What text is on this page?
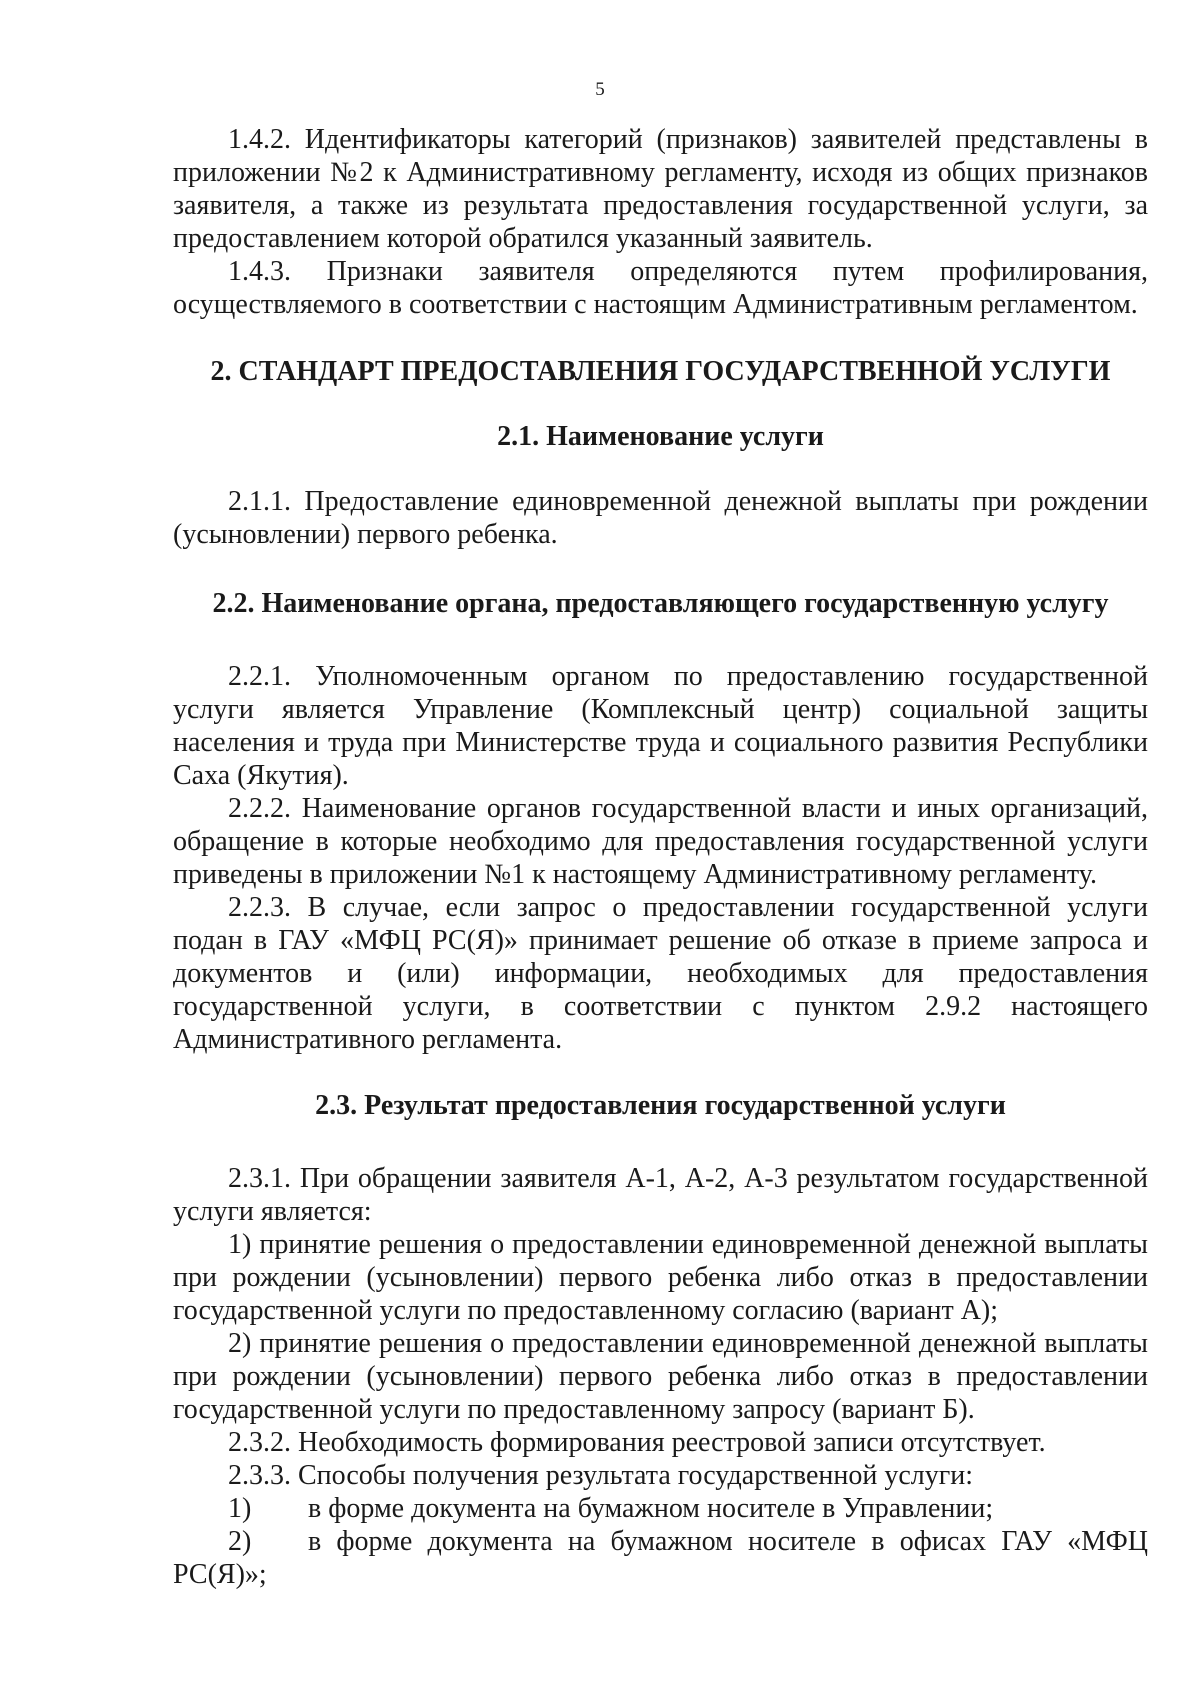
5

1.4.2. Идентификаторы категорий (признаков) заявителей представлены в приложении №2 к Административному регламенту, исходя из общих признаков заявителя, а также из результата предоставления государственной услуги, за предоставлением которой обратился указанный заявитель.

1.4.3. Признаки заявителя определяются путем профилирования, осуществляемого в соответствии с настоящим Административным регламентом.

2. СТАНДАРТ ПРЕДОСТАВЛЕНИЯ ГОСУДАРСТВЕННОЙ УСЛУГИ
2.1. Наименование услуги

2.1.1. Предоставление единовременной денежной выплаты при рождении (усыновлении) первого ребенка.

2.2. Наименование органа, предоставляющего государственную услугу

2.2.1. Уполномоченным органом по предоставлению государственной услуги является Управление (Комплексный центр) социальной защиты населения и труда при Министерстве труда и социального развития Республики Саха (Якутия).

2.2.2. Наименование органов государственной власти и иных организаций, обращение в которые необходимо для предоставления государственной услуги приведены в приложении №1 к настоящему Административному регламенту.

2.2.3. В случае, если запрос о предоставлении государственной услуги подан в ГАУ «МФЦ РС(Я)» принимает решение об отказе в приеме запроса и документов и (или) информации, необходимых для предоставления государственной услуги, в соответствии с пунктом 2.9.2 настоящего Административного регламента.

2.3. Результат предоставления государственной услуги

2.3.1. При обращении заявителя А-1, А-2, А-3 результатом государственной услуги является:

1) принятие решения о предоставлении единовременной денежной выплаты при рождении (усыновлении) первого ребенка либо отказ в предоставлении государственной услуги по предоставленному согласию (вариант А);

2) принятие решения о предоставлении единовременной денежной выплаты при рождении (усыновлении) первого ребенка либо отказ в предоставлении государственной услуги по предоставленному запросу (вариант Б).

2.3.2. Необходимость формирования реестровой записи отсутствует.

2.3.3. Способы получения результата государственной услуги:

1) в форме документа на бумажном носителе в Управлении;

2) в форме документа на бумажном носителе в офисах ГАУ «МФЦ РС(Я)»;
